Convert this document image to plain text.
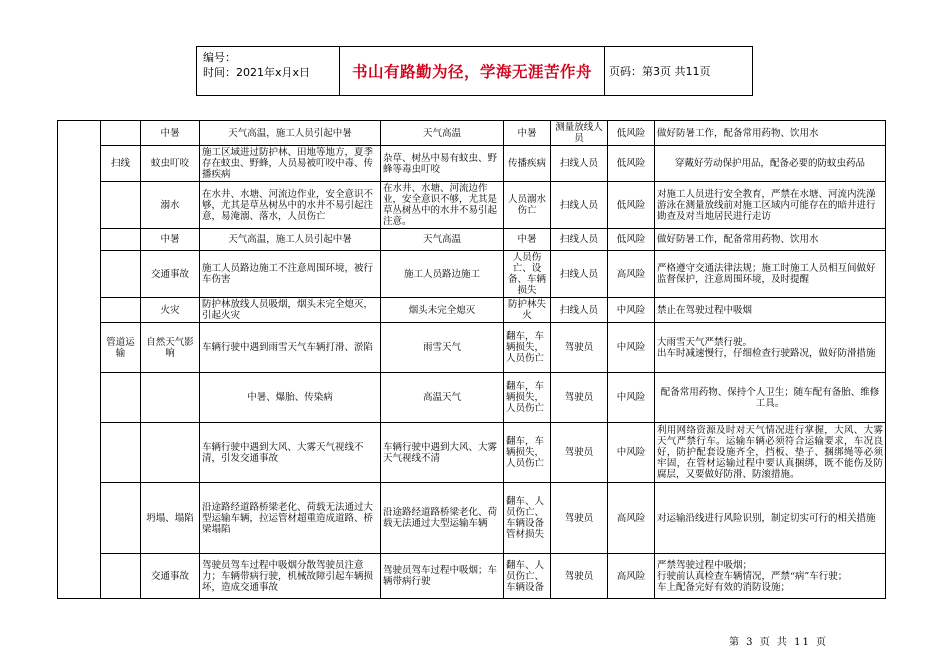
编号：
时间：2021年x月x日	书山有路勤为径，学海无涯苦作舟	页码：第3页 共11页
		中暑	天气高温，施工人员引起中暑	天气高温	中暑	测量放线人员	低风险	做好防暑工作，配备常用药物、饮用水
	扫线	蚊虫叮咬	施工区域进过防护林、田地等地方，夏季存在蚊虫、野蜂，人员易被叮咬中毒、传播疾病	杂草、树丛中易有蚊虫、野蜂等毒虫叮咬	传播疾病	扫线人员	低风险	穿戴好劳动保护用品，配备必要的防蚊虫药品
		溺水	在水井、水塘、河流边作业，安全意识不够，尤其是草丛树丛中的水井不易引起注意，易淹溺、落水，人员伤亡	在水井、水塘、河流边作业，安全意识不够，尤其是草丛树丛中的水井不易引起注意。	人员溺水伤亡	扫线人员	低风险	对施工人员进行安全教育，严禁在水塘、河流内洗澡游泳在测量放线前对施工区域内可能存在的暗井进行勘查及对当地居民进行走访
		中暑	天气高温，施工人员引起中暑	天气高温	中暑	扫线人员	低风险	做好防暑工作，配备常用药物、饮用水
		交通事故	施工人员路边施工不注意周围环境，被行车伤害	施工人员路边施工	人员伤亡、设备、车辆损失	扫线人员	高风险	严格遵守交通法律法规；施工时施工人员相互间做好监督保护，注意周围环境，及时提醒
		火灾	防护林放线人员吸烟，烟头未完全熄灭，引起火灾	烟头未完全熄灭	防护林失火	扫线人员	中风险	禁止在驾驶过程中吸烟
	管道运输	自然天气影响	车辆行驶中遇到雨雪天气车辆打滑、淤陷	雨雪天气	翻车，车辆损失，人员伤亡	驾驶员	中风险	大雨雪天气严禁行驶。
出车时减速慢行，仔细检查行驶路况，做好防滑措施
			中暑、爆胎、传染病	高温天气	翻车，车辆损失，人员伤亡	驾驶员	中风险	配备常用药物、保持个人卫生；随车配有备胎、维修工具。
			车辆行驶中遇到大风、大雾天气视线不清，引发交通事故	车辆行驶中遇到大风、大雾天气视线不清	翻车，车辆损失，人员伤亡	驾驶员	中风险	利用网络资源及时对天气情况进行掌握，大风、大雾天气严禁行车。运输车辆必须符合运输要求，车况良好，防护配套设施齐全，挡板、垫子、捆绑绳等必须牢固，在管材运输过程中要认真捆绑，既不能伤及防腐层，又要做好防滑、防滚措施。
		坍塌、塌陷	沿途路经道路桥梁老化、荷载无法通过大型运输车辆，拉运管材超重造成道路、桥梁塌陷	沿途路经道路桥梁老化、荷载无法通过大型运输车辆	翻车、人员伤亡、车辆设备管材损失	驾驶员	高风险	对运输沿线进行风险识别，制定切实可行的相关措施
		交通事故	驾驶员驾车过程中吸烟分散驾驶员注意力；车辆带病行驶，机械故障引起车辆损坏，造成交通事故	驾驶员驾车过程中吸烟；车辆带病行驶	翻车、人员伤亡、车辆设备	驾驶员	高风险	严禁驾驶过程中吸烟；
行驶前认真检查车辆情况，严禁“病”车行驶；
车上配备完好有效的消防设施；
第 3 页 共 11 页
